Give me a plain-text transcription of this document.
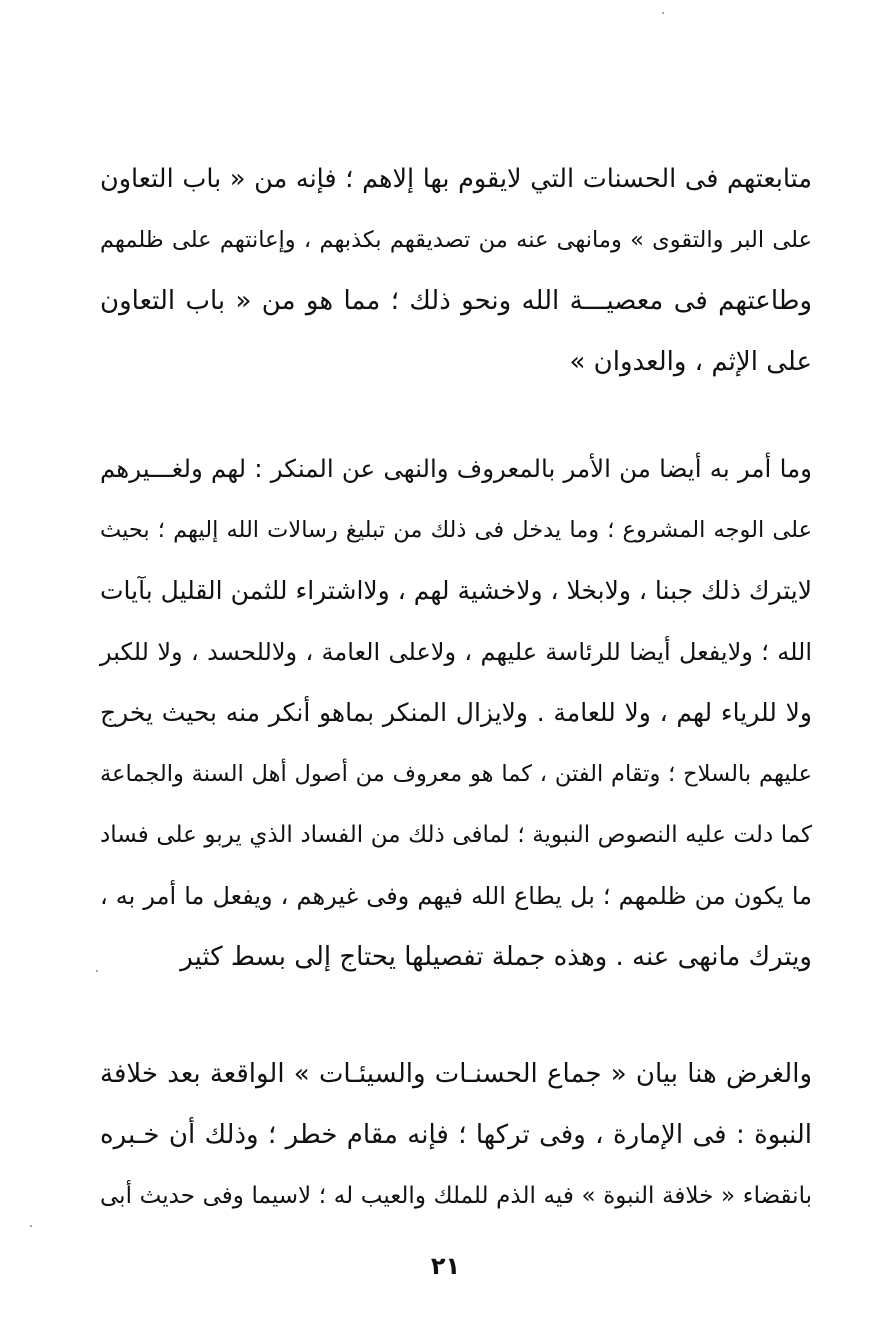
متابعتهم فى الحسنات التي لايقوم بها إلاهم ؛ فإنه من « باب التعاون
على البر والتقوى » ومانهى عنه من تصديقهم بكذبهم ، وإعانتهم على ظلمهم
وطاعتهم فى معصيـــة الله ونحو ذلك ؛ مما هو من « باب التعاون
على الإثم ، والعدوان »
وما أمر به أيضا من الأمر بالمعروف والنهى عن المنكر : لهم ولغـــيرهم
على الوجه المشروع ؛ وما يدخل فى ذلك من تبليغ رسالات الله إليهم ؛ بحيث
لايترك ذلك جبنا ، ولابخلا ، ولاخشية لهم ، ولااشتراء للثمن القليل بآيات
الله ؛ ولايفعل أيضا للرئاسة عليهم ، ولاعلى العامة ، ولاللحسد ، ولا للكبر
ولا للرياء لهم ، ولا للعامة . ولايزال المنكر بماهو أنكر منه بحيث يخرج
عليهم بالسلاح ؛ وتقام الفتن ، كما هو معروف من أصول أهل السنة والجماعة
كما دلت عليه النصوص النبوية ؛ لمافى ذلك من الفساد الذي يربو على فساد
ما يكون من ظلمهم ؛ بل يطاع الله فيهم وفى غيرهم ، ويفعل ما أمر به ،
ويترك مانهى عنه . وهذه جملة تفصيلها يحتاج إلى بسط كثير
والغرض هنا بيان « جماع الحسنـات والسيئـات » الواقعة بعد خلافة
النبوة : فى الإمارة ، وفى تركها ؛ فإنه مقام خطر ؛ وذلك أن خـبره
بانقضاء « خلافة النبوة » فيه الذم للملك والعيب له ؛ لاسيما وفى حديث أبى
٢١
